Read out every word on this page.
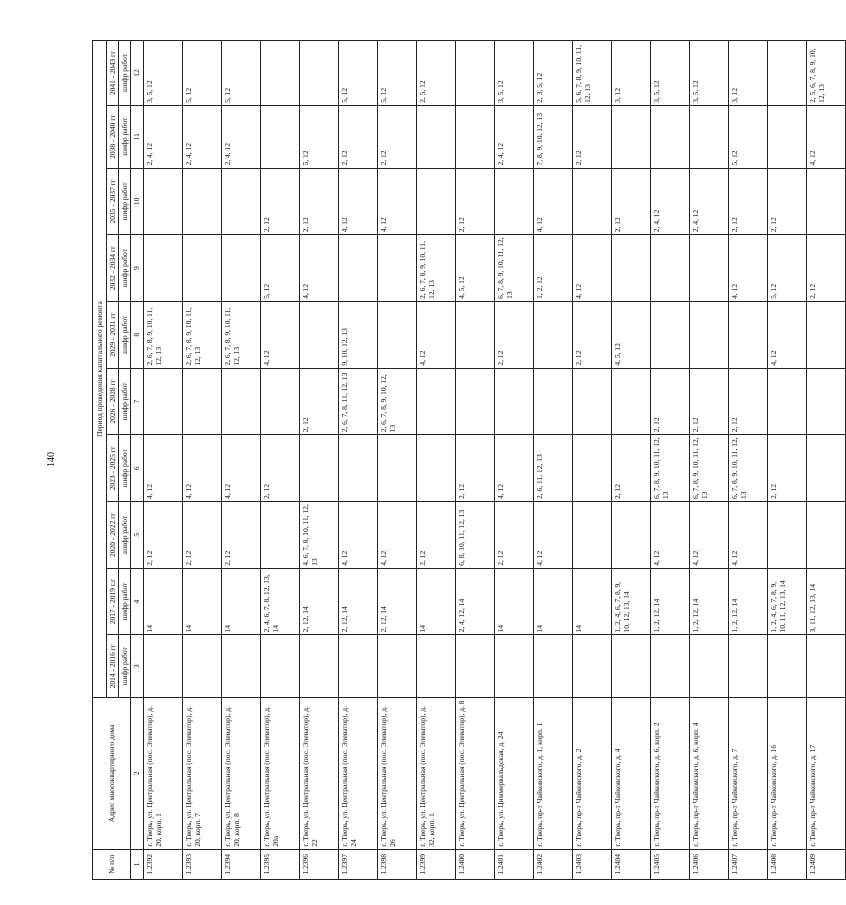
140
№ п/п	Адрес многоквартирного дома	Период проведения капитального ремонта									
		2014 - 2016 гг	2017 - 2019 г.г	2020 - 2022 гг	2023 - 2025 гг	2026 - 2028 гг	2029 - 2031 гг	2032 - 2034 гг	2035 - 2037 гг	2038 - 2040 гг	2041 - 2043 гг
		шифр работ	шифр работ	шифр работ	шифр работ	шифр работ	шифр работ	шифр работ	шифр работ	шифр работ	шифр работ
1	2	3	4	5	6	7	8	9	10	11	12
1.2392	г. Тверь, ул. Центральная (пос. Элеватор), д. 20, корп. 1		14	2, 12	4, 12		2, 6, 7, 8, 9, 10, 11, 12, 13			2, 4, 12	3, 5, 12
1.2393	г. Тверь, ул. Центральная (пос. Элеватор), д. 20, корп. 7		14	2, 12	4, 12		2, 6, 7, 8, 9, 10, 11, 12, 13			2, 4, 12	5, 12
1.2394	г. Тверь, ул. Центральная (пос. Элеватор), д. 20, корп. 8		14	2, 12	4, 12		2, 6, 7, 8, 9, 10, 11, 12, 13			2, 4, 12	5, 12
1.2395	г. Тверь, ул. Центральная (пос. Элеватор), д. 20а		2, 4, 6, 7, 8, 12, 13, 14		2, 12		4, 12	5, 12	2, 12		
1.2396	г. Тверь, ул. Центральная (пос. Элеватор), д. 22		2, 12, 14	4, 6, 7, 8, 10, 11, 12, 13		2, 12		4, 12	2, 12	5, 12	
1.2397	г. Тверь, ул. Центральная (пос. Элеватор), д. 24		2, 12, 14	4, 12		2, 6, 7, 8, 11, 12, 13	9, 10, 12, 13		4, 12	2, 12	5, 12
1.2398	г. Тверь, ул. Центральная (пос. Элеватор), д. 26		2, 12, 14	4, 12		2, 6, 7, 8, 9, 10, 12, 13			4, 12	2, 12	5, 12
1.2399	г. Тверь, ул. Центральная (пос. Элеватор), д. 32, корп. 1		14	2, 12			4, 12	2, 6, 7, 8, 9, 10, 11, 12, 13			2, 5, 12
1.2400	г. Тверь, ул. Центральная (пос. Элеватор), д. 8		2, 4, 12, 14	6, 8, 10, 11, 12, 13	2, 12			4, 5, 12	2, 12		
1.2401	г. Тверь, ул. Циммервальдская, д. 24		14	2, 12	4, 12		2, 12	6, 7, 8, 9, 10, 11, 12, 13		2, 4, 12	3, 5, 12
1.2402	г. Тверь, пр-т Чайковского, д. 1, корп. 1		14	4, 12	2, 6, 11, 12, 13			1, 2, 12	4, 12	7, 8, 9, 10, 12, 13	2, 3, 5, 12
1.2403	г. Тверь, пр-т Чайковского, д. 2		14				2, 12	4, 12		2, 12	5, 6, 7, 8, 9, 10, 11, 12, 13
1.2404	г. Тверь, пр-т Чайковского, д. 4		1, 2, 4, 6, 7, 8, 9, 10, 12, 13, 14		2, 12		4, 5, 12		2, 12		3, 12
1.2405	г. Тверь, пр-т Чайковского, д. 6, корп. 2		1, 2, 12, 14	4, 12	6, 7, 8, 9, 10, 11, 12, 13	2, 12			2, 4, 12		3, 5, 12
1.2406	г. Тверь, пр-т Чайковского, д. 6, корп. 4		1, 2, 12, 14	4, 12	6, 7, 8, 9, 10, 11, 12, 13	2, 12			2, 4, 12		3, 5, 12
1.2407	г. Тверь, пр-т Чайковского, д. 7		1, 2, 12, 14	4, 12	6, 7, 8, 9, 10, 11, 12, 13	2, 12		4, 12	2, 12	5, 12	3, 12
1.2408	г. Тверь, пр-т Чайковского, д. 16		1, 2, 4, 6, 7, 8, 9, 10, 11, 12, 13, 14		2, 12		4, 12	5, 12	2, 12		
1.2409	г. Тверь, пр-т Чайковского, д. 17		3, 11, 12, 13, 14					2, 12		4, 12	2, 5, 6, 7, 8, 9, 10, 12, 13
